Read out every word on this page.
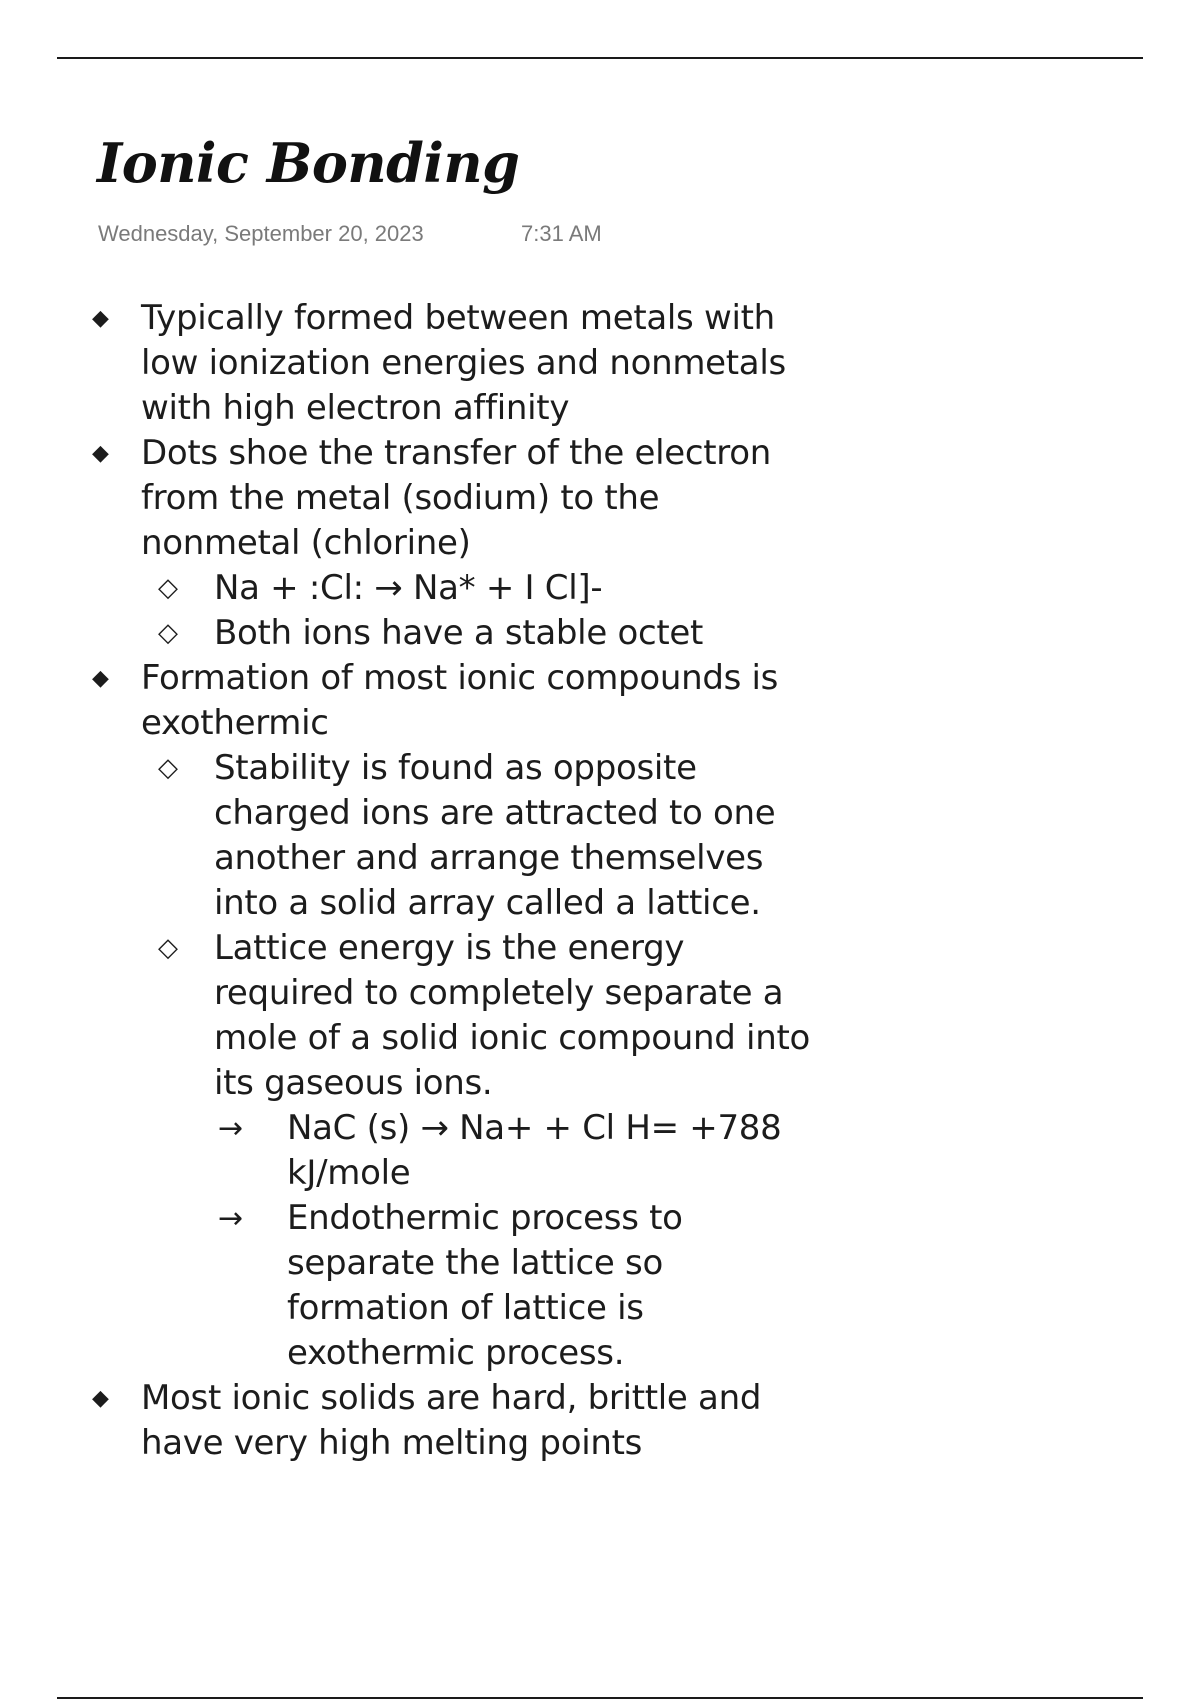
Ionic Bonding
Wednesday, September 20, 2023	7:31 AM
◆ Typically formed between metals with low ionization energies and nonmetals with high electron affinity
◆ Dots shoe the transfer of the electron from the metal (sodium) to the nonmetal (chlorine)
◇ Na + :Cl: → Na* + I Cl]-
◇ Both ions have a stable octet
◆ Formation of most ionic compounds is exothermic
◇ Stability is found as opposite charged ions are attracted to one another and arrange themselves into a solid array called a lattice.
◇ Lattice energy is the energy required to completely separate a mole of a solid ionic compound into its gaseous ions.
→ NaC (s) → Na+ + Cl H= +788 kJ/mole
→ Endothermic process to separate the lattice so formation of lattice is exothermic process.
◆ Most ionic solids are hard, brittle and have very high melting points
